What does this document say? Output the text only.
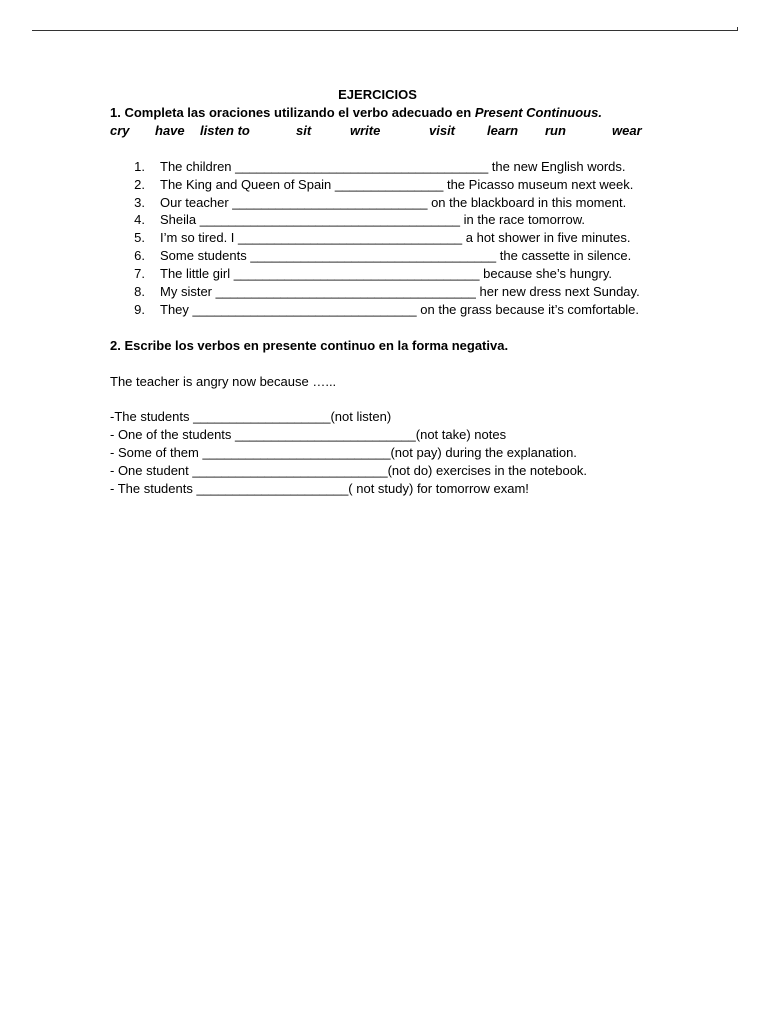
EJERCICIOS
1. Completa las oraciones utilizando el verbo adecuado en Present Continuous.
cry have listen to	sit	write	visit learn run	wear
1. The children ___________________________________ the new English words.
2. The King and Queen of Spain _______________ the Picasso museum next week.
3. Our teacher ___________________________ on the blackboard in this moment.
4. Sheila ____________________________________ in the race tomorrow.
5. I’m so tired. I _______________________________ a hot shower in five minutes.
6. Some students __________________________________ the cassette in silence.
7. The little girl __________________________________ because she’s hungry.
8. My sister ____________________________________ her new dress next Sunday.
9. They _______________________________ on the grass because it’s comfortable.
2. Escribe los verbos en presente continuo en la forma negativa.
The teacher is angry now because …...
-The students ___________________(not listen)
- One of the students _________________________(not take) notes
- Some of them __________________________(not pay) during the explanation.
- One student ___________________________(not do) exercises in the notebook.
- The students _____________________( not study) for tomorrow exam!
